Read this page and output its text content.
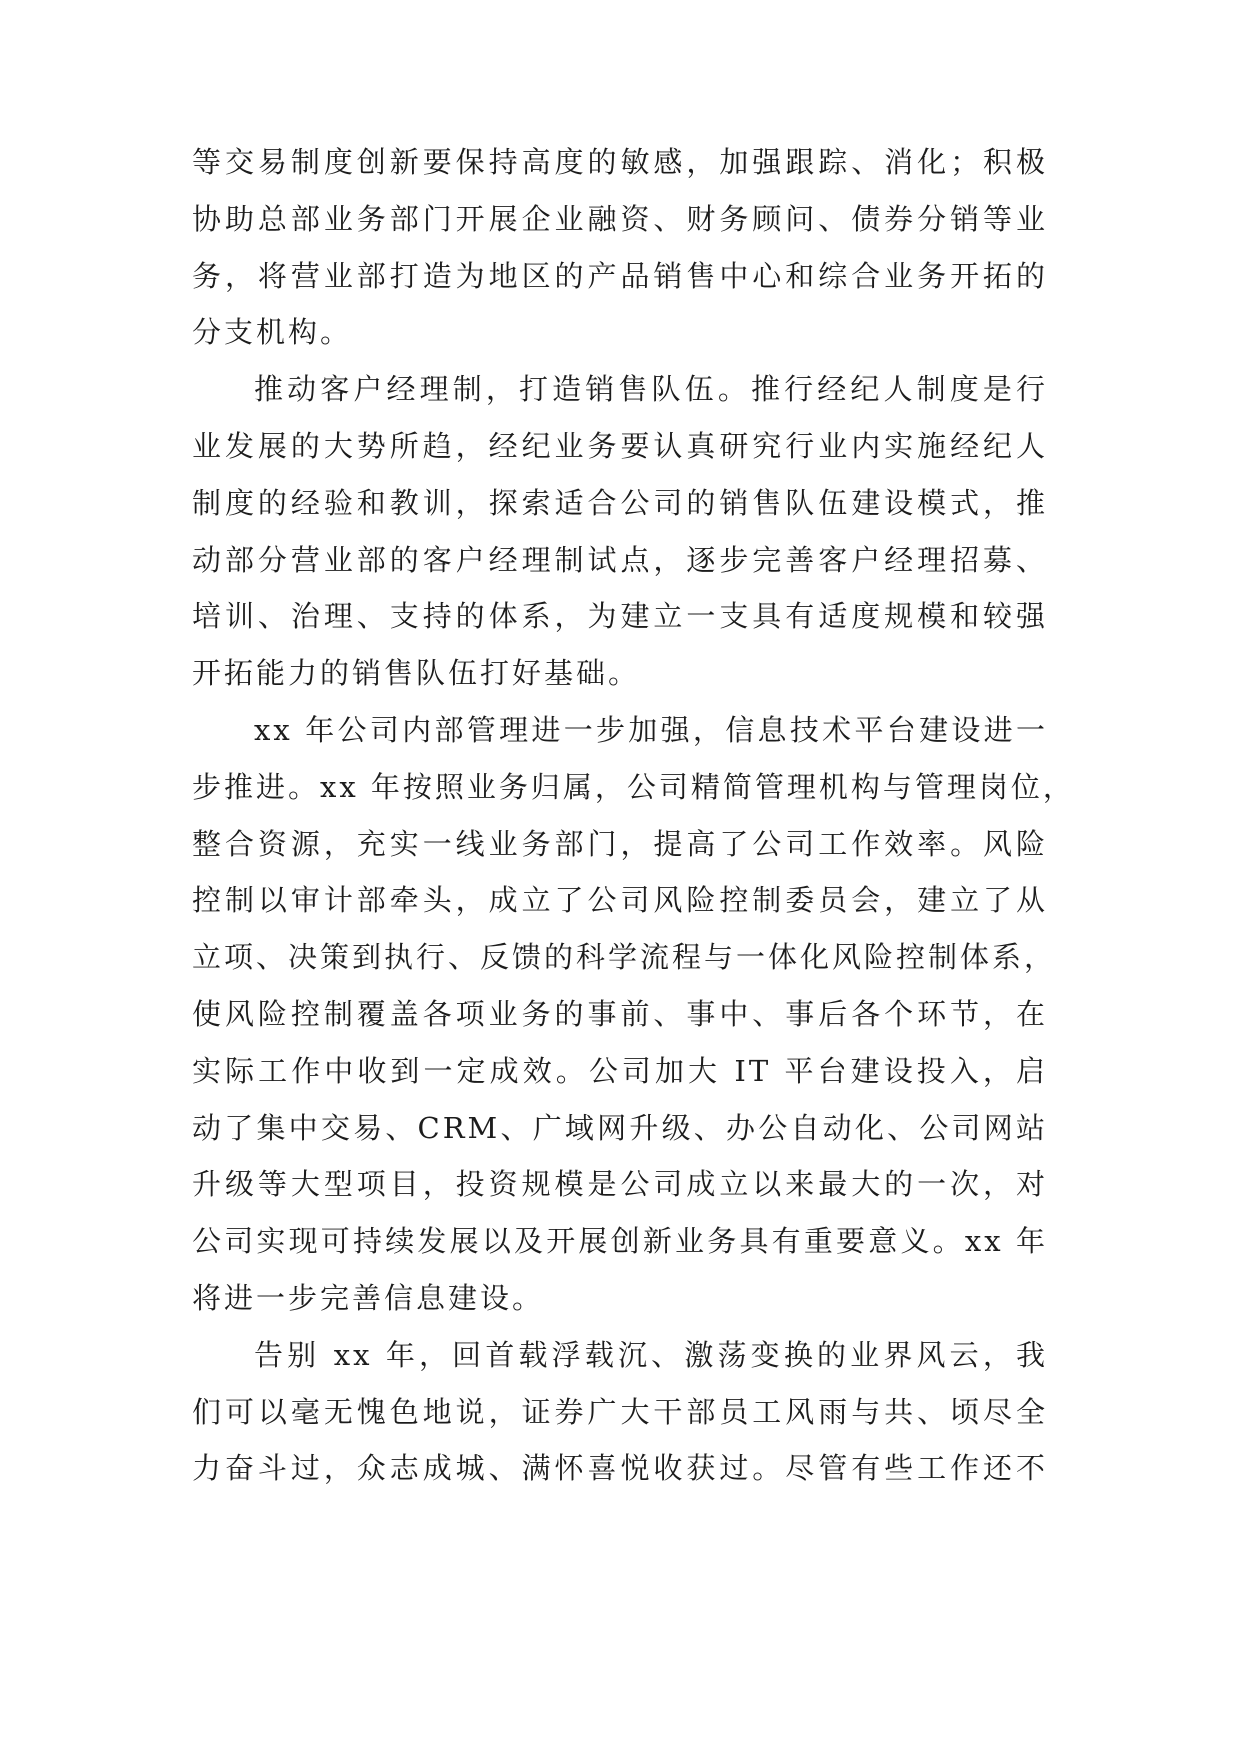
等交易制度创新要保持高度的敏感，加强跟踪、消化；积极
协助总部业务部门开展企业融资、财务顾问、债券分销等业
务，将营业部打造为地区的产品销售中心和综合业务开拓的
分支机构。
推动客户经理制，打造销售队伍。推行经纪人制度是行
业发展的大势所趋，经纪业务要认真研究行业内实施经纪人
制度的经验和教训，探索适合公司的销售队伍建设模式，推
动部分营业部的客户经理制试点，逐步完善客户经理招募、
培训、治理、支持的体系，为建立一支具有适度规模和较强
开拓能力的销售队伍打好基础。
xx 年公司内部管理进一步加强，信息技术平台建设进一
步推进。xx 年按照业务归属，公司精简管理机构与管理岗位，
整合资源，充实一线业务部门，提高了公司工作效率。风险
控制以审计部牵头，成立了公司风险控制委员会，建立了从
立项、决策到执行、反馈的科学流程与一体化风险控制体系，
使风险控制覆盖各项业务的事前、事中、事后各个环节，在
实际工作中收到一定成效。公司加大 IT 平台建设投入，启
动了集中交易、CRM、广域网升级、办公自动化、公司网站
升级等大型项目，投资规模是公司成立以来最大的一次，对
公司实现可持续发展以及开展创新业务具有重要意义。xx 年
将进一步完善信息建设。
告别 xx 年，回首载浮载沉、激荡变换的业界风云，我
们可以毫无愧色地说，证券广大干部员工风雨与共、顷尽全
力奋斗过，众志成城、满怀喜悦收获过。尽管有些工作还不
